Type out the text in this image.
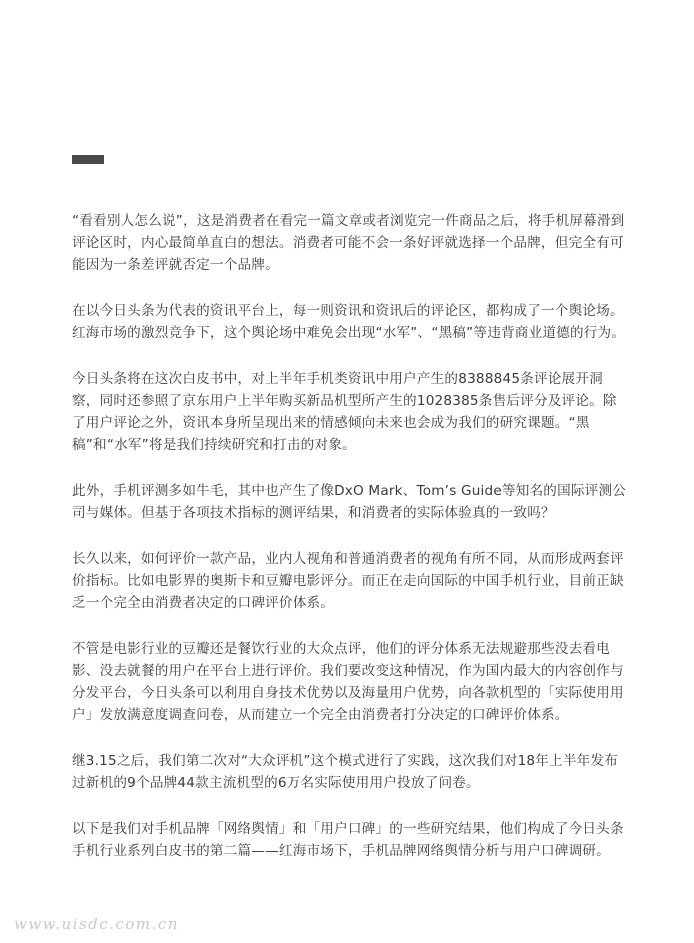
“看看别人怎么说”，这是消费者在看完一篇文章或者浏览完一件商品之后，将手机屏幕滑到评论区时，内心最简单直白的想法。消费者可能不会一条好评就选择一个品牌，但完全有可能因为一条差评就否定一个品牌。

在以今日头条为代表的资讯平台上，每一则资讯和资讯后的评论区，都构成了一个舆论场。红海市场的激烈竞争下，这个舆论场中难免会出现“水军”、“黑稿”等违背商业道德的行为。

今日头条将在这次白皮书中，对上半年手机类资讯中用户产生的8388845条评论展开洞察，同时还参照了京东用户上半年购买新品机型所产生的1028385条售后评分及评论。除了用户评论之外，资讯本身所呈现出来的情感倾向未来也会成为我们的研究课题。“黑稿”和“水军”将是我们持续研究和打击的对象。

此外，手机评测多如牛毛，其中也产生了像DxO Mark、Tom’s Guide等知名的国际评测公司与媒体。但基于各项技术指标的测评结果，和消费者的实际体验真的一致吗？

长久以来，如何评价一款产品，业内人视角和普通消费者的视角有所不同，从而形成两套评价指标。比如电影界的奥斯卡和豆瓣电影评分。而正在走向国际的中国手机行业，目前正缺乏一个完全由消费者决定的口碑评价体系。

不管是电影行业的豆瓣还是餐饮行业的大众点评，他们的评分体系无法规避那些没去看电影、没去就餐的用户在平台上进行评价。我们要改变这种情况，作为国内最大的内容创作与分发平台，今日头条可以利用自身技术优势以及海量用户优势，向各款机型的「实际使用用户」发放满意度调查问卷，从而建立一个完全由消费者打分决定的口碑评价体系。

继3.15之后，我们第二次对“大众评机”这个模式进行了实践，这次我们对18年上半年发布过新机的9个品牌44款主流机型的6万名实际使用用户投放了问卷。

以下是我们对手机品牌「网络舆情」和「用户口碑」的一些研究结果，他们构成了今日头条手机行业系列白皮书的第二篇——红海市场下，手机品牌网络舆情分析与用户口碑调研。

www.uisdc.com.cn
